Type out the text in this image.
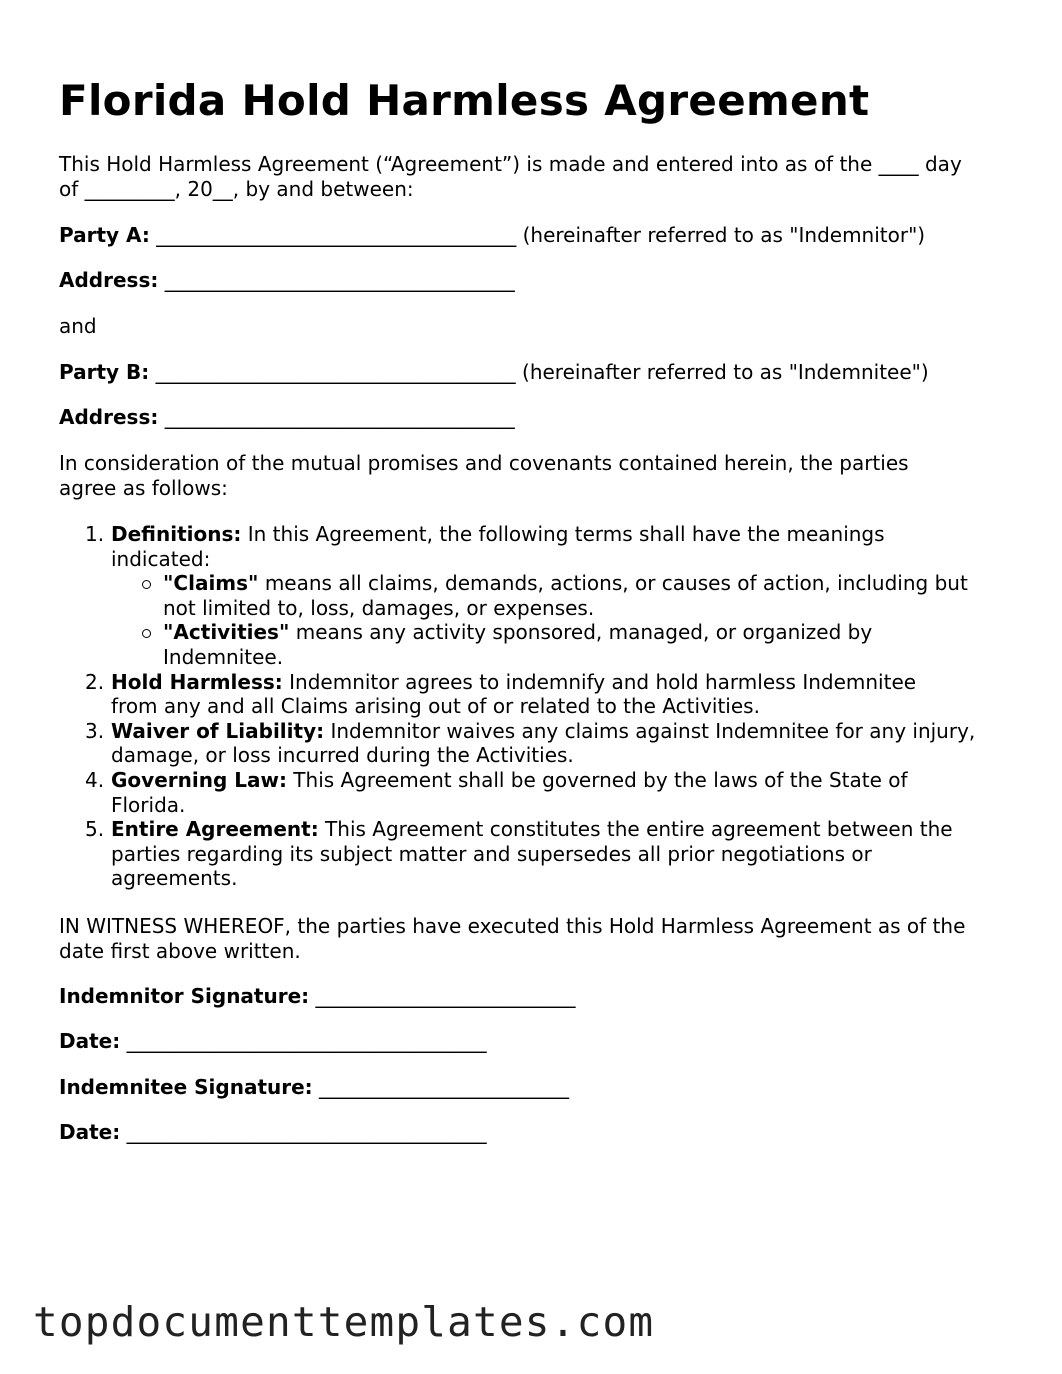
Florida Hold Harmless Agreement
This Hold Harmless Agreement (“Agreement”) is made and entered into as of the ____ day
of _________, 20__, by and between:
Party A: ____________________________________ (hereinafter referred to as "Indemnitor")
Address: ___________________________________
and
Party B: ____________________________________ (hereinafter referred to as "Indemnitee")
Address: ___________________________________
In consideration of the mutual promises and covenants contained herein, the parties
agree as follows:
1. Definitions: In this Agreement, the following terms shall have the meanings
indicated:
"Claims" means all claims, demands, actions, or causes of action, including but
not limited to, loss, damages, or expenses.
"Activities" means any activity sponsored, managed, or organized by
Indemnitee.
2. Hold Harmless: Indemnitor agrees to indemnify and hold harmless Indemnitee
from any and all Claims arising out of or related to the Activities.
3. Waiver of Liability: Indemnitor waives any claims against Indemnitee for any injury,
damage, or loss incurred during the Activities.
4. Governing Law: This Agreement shall be governed by the laws of the State of
Florida.
5. Entire Agreement: This Agreement constitutes the entire agreement between the
parties regarding its subject matter and supersedes all prior negotiations or
agreements.
IN WITNESS WHEREOF, the parties have executed this Hold Harmless Agreement as of the
date first above written.
Indemnitor Signature: __________________________
Date: ____________________________________
Indemnitee Signature: _________________________
Date: ____________________________________
topdocumenttemplates.com
